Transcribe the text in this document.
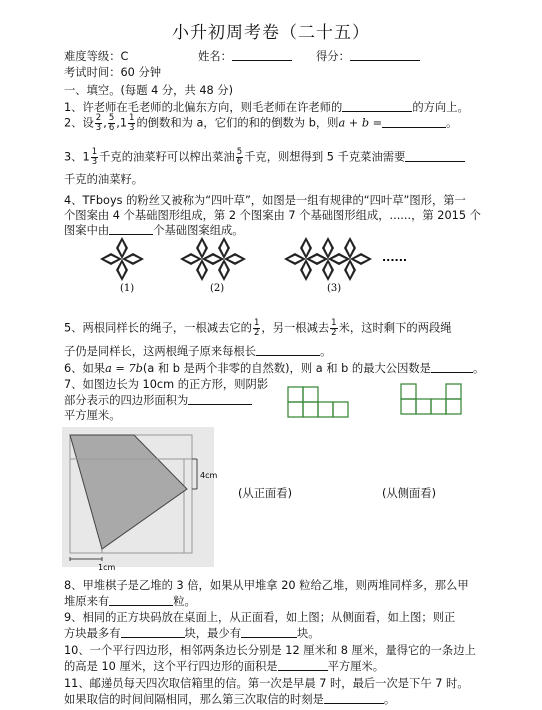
小升初周考卷（二十五）
难度等级：C	姓名：	得分：
考试时间：60 分钟
一、填空。(每题 4 分，共 48 分)
1、许老师在毛老师的北偏东方向，则毛老师在许老师的	的方向上。
2、设 $\frac{2}{3}$ , $\frac{5}{6} ,1 \frac{1}{3}$ 的倒数和为 a，它们的和的倒数为 b，则a + b =	。
3、$1 \frac{1}{3}$ 千克的油菜籽可以榨出菜油 $\frac{5}{6}$ 千克，则想得到 5 千克菜油需要
千克的油菜籽。
4、TFboys 的粉丝又被称为“四叶草”，如图是一组有规律的“四叶草”图形，第一
个图案由 4 个基础图形组成，第 2 个图案由 7 个基础图形组成，......，第 2015 个
图案中由	个基础图案组成。
(1)	(2)	(3)
......
5、两根同样长的绳子，一根减去它的 $\frac{1}{2}$ ，另一根减去 $\frac{1}{2}$ 米，这时剩下的两段绳
子仍是同样长，这两根绳子原来每根长	。
6、如果a = 7b(a 和 b 是两个非零的自然数)，则 a 和 b 的最大公因数是	。
7、如图边长为 10cm 的正方形，则阴影
部分表示的四边形面积为
平方厘米。
4cm
1cm
(从正面看)	(从侧面看)
8、甲堆棋子是乙堆的 3 倍，如果从甲堆拿 20 粒给乙堆，则两堆同样多，那么甲
堆原来有	粒。
9、相同的正方块码放在桌面上，从正面看，如上图；从侧面看，如上图；则正
方块最多有	块，最少有	块。
10、一个平行四边形，相邻两条边长分别是 12 厘米和 8 厘米，量得它的一条边上
的高是 10 厘米，这个平行四边形的面积是	平方厘米。
11、邮递员每天四次取信箱里的信。第一次是早晨 7 时，最后一次是下午 7 时。
如果取信的时间间隔相同，那么第三次取信的时刻是	。
